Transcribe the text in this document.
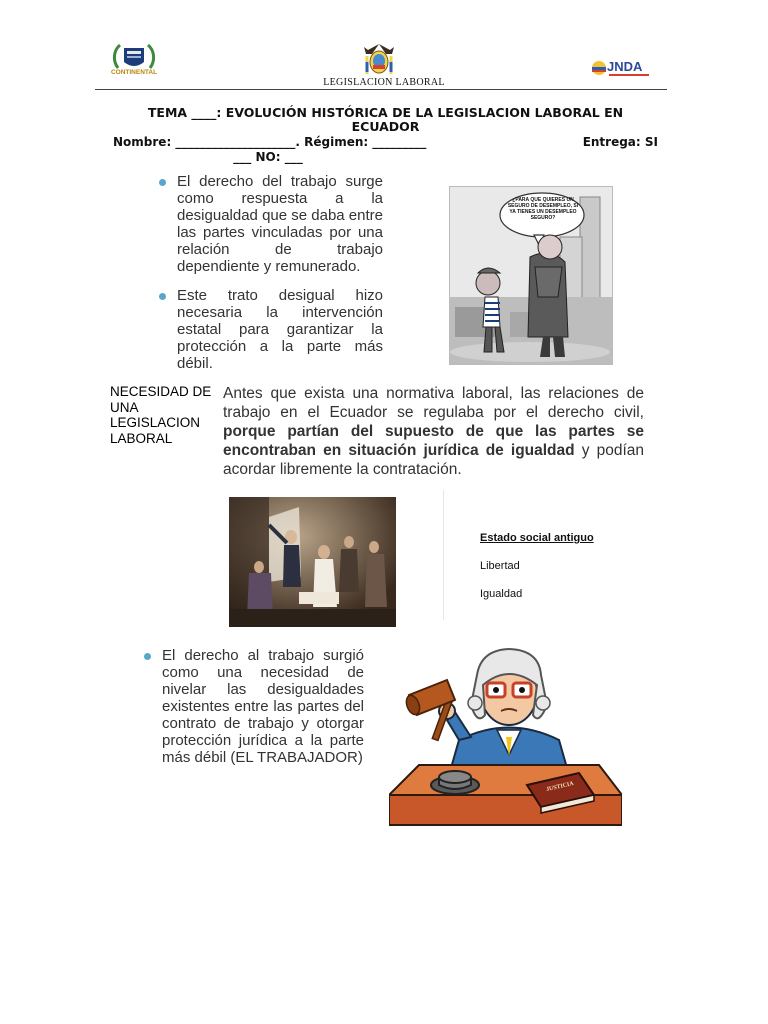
CONTINENTAL
LEGISLACION LABORAL
JNDA
TEMA ____: EVOLUCIÓN HISTÓRICA DE LA LEGISLACION LABORAL EN
ECUADOR
Nombre: ____________________. Régimen: _________	Entrega: SI
___ NO: ___
El derecho del trabajo surge como respuesta a la desigualdad que se daba entre las partes vinculadas por una relación de trabajo dependiente y remunerado.
Este trato desigual hizo necesaria la intervención estatal para garantizar la protección a la parte más débil.
¿PARA QUE QUIERES UN SEGURO DE DESEMPLEO, SI YA TIENES UN DESEMPLEO SEGURO?
NECESIDAD DE UNA LEGISLACION LABORAL
Antes que exista una normativa laboral, las relaciones de trabajo en el Ecuador se regulaba por el derecho civil, porque partían del supuesto de que las partes se encontraban en situación jurídica de igualdad y podían acordar libremente la contratación.
Estado social antiguo
Libertad
Igualdad
El derecho al trabajo surgió como una necesidad de nivelar las desigualdades existentes entre las partes del contrato de trabajo y otorgar protección jurídica a la parte más débil (EL TRABAJADOR)
JUSTICIA
